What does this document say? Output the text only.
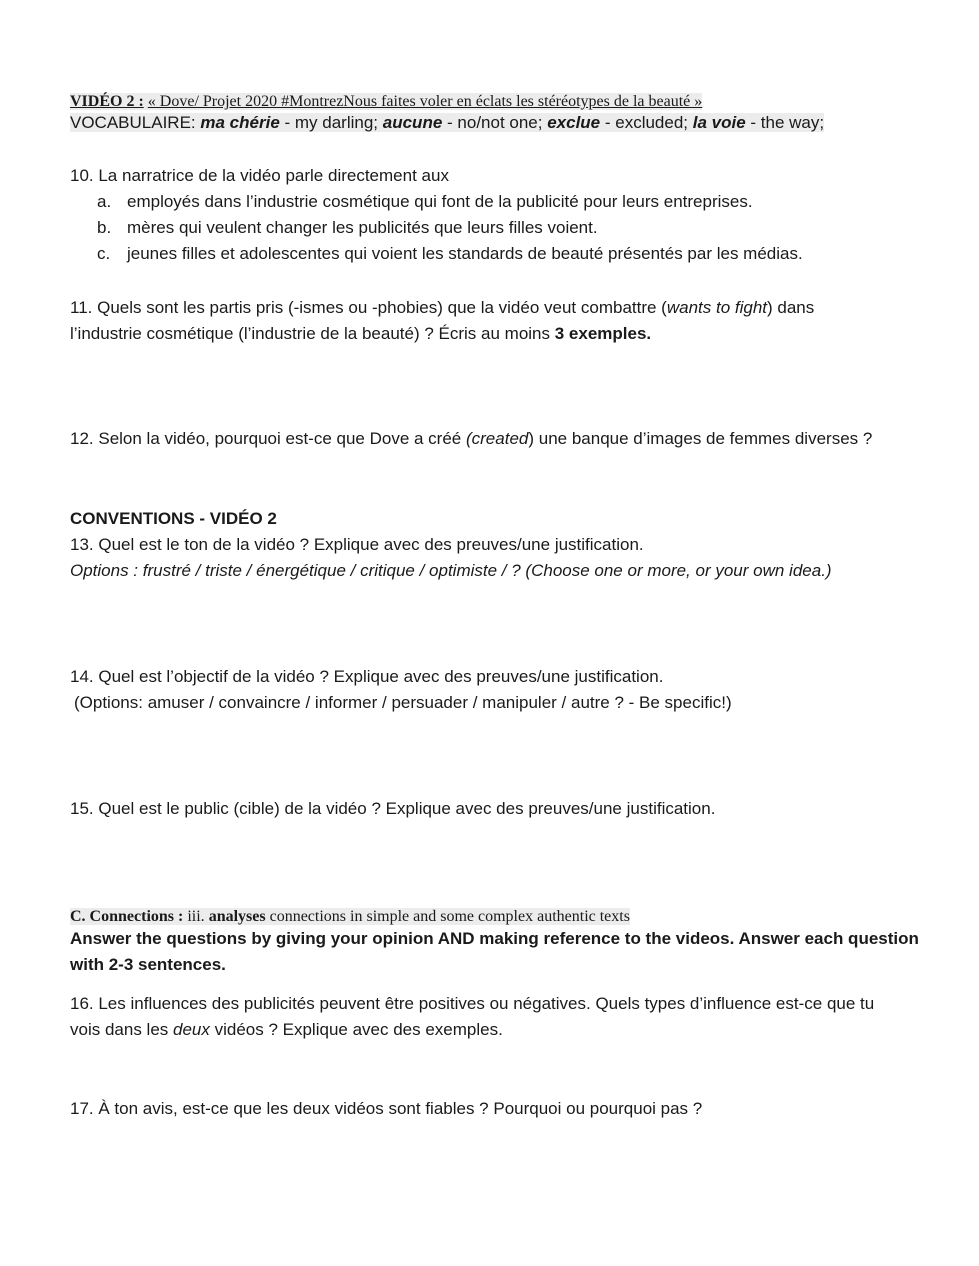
VIDÉO 2 : « Dove/ Projet 2020 #MontrezNous faites voler en éclats les stéréotypes de la beauté »
VOCABULAIRE: ma chérie - my darling; aucune - no/not one; exclue - excluded; la voie - the way;
10. La narratrice de la vidéo parle directement aux
a. employés dans l’industrie cosmétique qui font de la publicité pour leurs entreprises.
b. mères qui veulent changer les publicités que leurs filles voient.
c. jeunes filles et adolescentes qui voient les standards de beauté présentés par les médias.
11. Quels sont les partis pris (-ismes ou -phobies) que la vidéo veut combattre (wants to fight) dans
l’industrie cosmétique (l’industrie de la beauté) ? Écris au moins 3 exemples.
12. Selon la vidéo, pourquoi est-ce que Dove a créé (created) une banque d’images de femmes diverses ?
CONVENTIONS - VIDÉO 2
13. Quel est le ton de la vidéo ? Explique avec des preuves/une justification.
Options : frustré / triste / énergétique / critique / optimiste / ? (Choose one or more, or your own idea.)
14. Quel est l’objectif de la vidéo ? Explique avec des preuves/une justification.
(Options: amuser / convaincre / informer / persuader / manipuler / autre ? - Be specific!)
15. Quel est le public (cible) de la vidéo ? Explique avec des preuves/une justification.
C. Connections : iii. analyses connections in simple and some complex authentic texts
Answer the questions by giving your opinion AND making reference to the videos. Answer each question
with 2-3 sentences.
16. Les influences des publicités peuvent être positives ou négatives. Quels types d’influence est-ce que tu
vois dans les deux vidéos ? Explique avec des exemples.
17. À ton avis, est-ce que les deux vidéos sont fiables ? Pourquoi ou pourquoi pas ?
